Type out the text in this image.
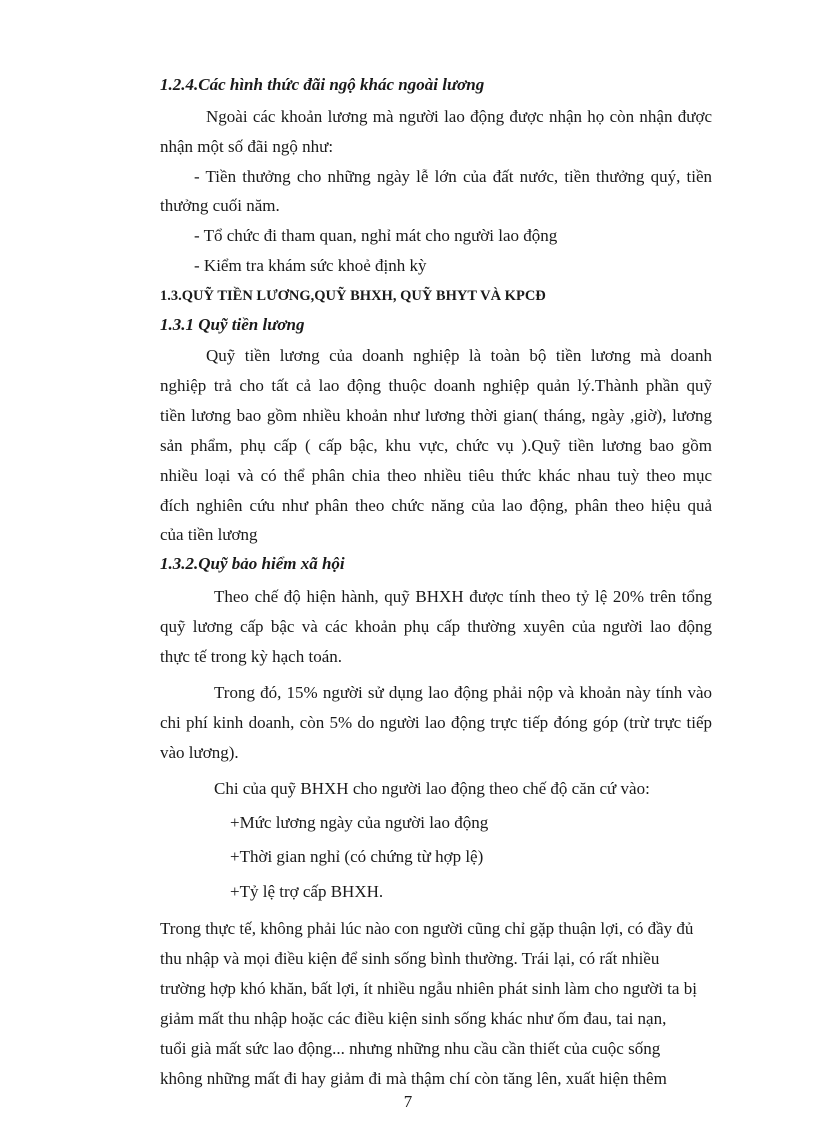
1.2.4.Các hình thức đãi ngộ khác ngoài lương
Ngoài các khoản lương mà người lao động được nhận họ còn nhận được
nhận một số đãi ngộ như:
- Tiền thưởng cho những ngày lễ lớn của đất nước, tiền thưởng quý, tiền
thưởng cuối năm.
- Tổ chức đi tham quan, nghỉ mát cho người lao động
- Kiểm tra khám sức khoẻ định kỳ
1.3.QUỸ TIỀN LƯƠNG,QUỸ BHXH, QUỸ BHYT VÀ KPCĐ
1.3.1 Quỹ tiền lương
Quỹ tiền lương của doanh nghiệp là toàn bộ tiền lương mà doanh
nghiệp trả cho tất cả lao động thuộc doanh nghiệp quản lý.Thành phần quỹ
tiền lương bao gồm nhiều khoản như lương thời gian( tháng, ngày ,giờ), lương
sản phẩm, phụ cấp ( cấp bậc, khu vực, chức vụ ).Quỹ tiền lương bao gồm
nhiều loại và có thể phân chia theo nhiều tiêu thức khác nhau tuỳ theo mục
đích nghiên cứu như phân theo chức năng của lao động, phân theo hiệu quả
của tiền lương
1.3.2.Quỹ bảo hiểm xã hội
Theo chế độ hiện hành, quỹ BHXH được tính theo tỷ lệ 20% trên tổng
quỹ lương cấp bậc và các khoản phụ cấp thường xuyên của người lao động
thực tế trong kỳ hạch toán.
Trong đó, 15% người sử dụng lao động phải nộp và khoản này tính vào
chi phí kinh doanh, còn 5% do người lao động trực tiếp đóng góp (trừ trực tiếp
vào lương).
Chi của quỹ BHXH cho người lao động theo chế độ căn cứ vào:
+Mức lương ngày của người lao động
+Thời gian nghỉ (có chứng từ hợp lệ)
+Tỷ lệ trợ cấp BHXH.
Trong thực tế, không phải lúc nào con người cũng chỉ gặp thuận lợi, có đầy đủ
thu nhập và mọi điều kiện để sinh sống bình thường. Trái lại, có rất nhiều
trường hợp khó khăn, bất lợi, ít nhiều ngẫu nhiên phát sinh làm cho người ta bị
giảm mất thu nhập hoặc các điều kiện sinh sống khác như ốm đau, tai nạn,
tuổi già mất sức lao động... nhưng những nhu cầu cần thiết của cuộc sống
không những mất đi hay giảm đi mà thậm chí còn tăng lên, xuất hiện thêm
7
